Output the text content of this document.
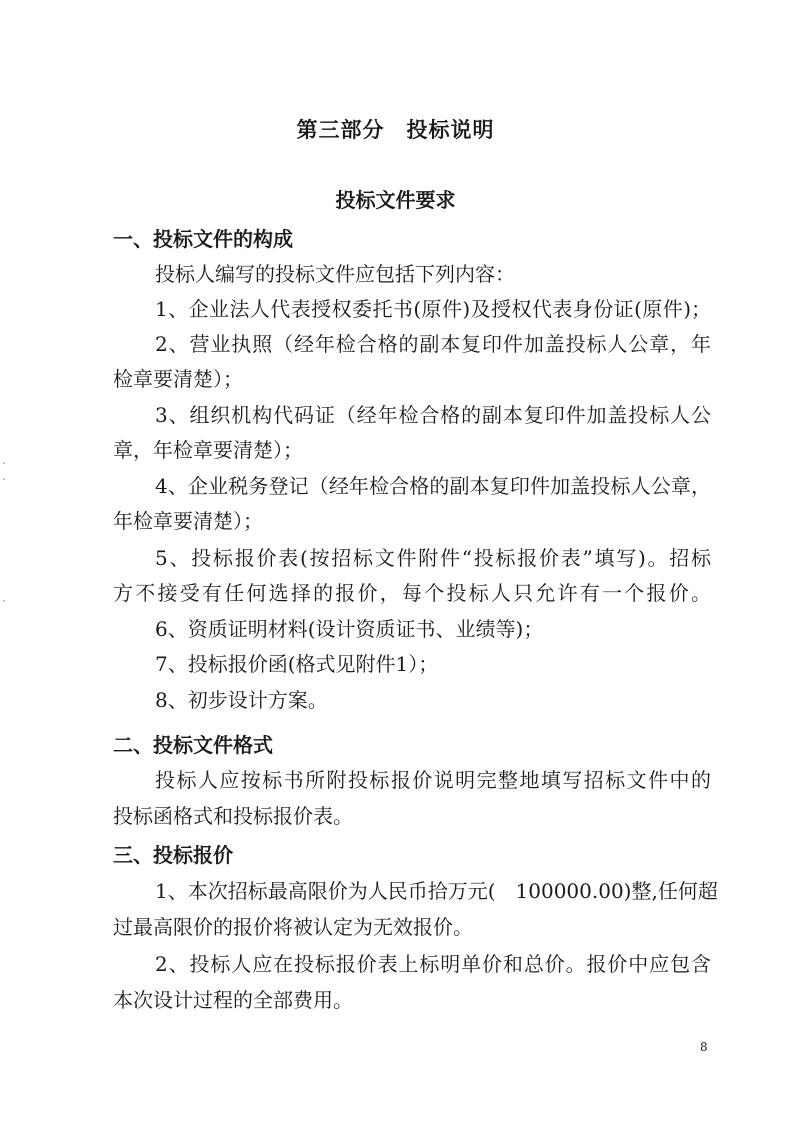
第三部分　投标说明
投标文件要求
一、投标文件的构成
投标人编写的投标文件应包括下列内容：
1、企业法人代表授权委托书(原件)及授权代表身份证(原件)；
2、营业执照（经年检合格的副本复印件加盖投标人公章，年
检章要清楚）；
3、组织机构代码证（经年检合格的副本复印件加盖投标人公
章，年检章要清楚）；
4、企业税务登记（经年检合格的副本复印件加盖投标人公章，
年检章要清楚）；
5、投标报价表(按招标文件附件“投标报价表”填写)。招标
方不接受有任何选择的报价，每个投标人只允许有一个报价。
6、资质证明材料(设计资质证书、业绩等)；
7、投标报价函(格式见附件1）；
8、初步设计方案。
二、投标文件格式
投标人应按标书所附投标报价说明完整地填写招标文件中的
投标函格式和投标报价表。
三、投标报价
1、本次招标最高限价为人民币拾万元(　100000.00)整,任何超
过最高限价的报价将被认定为无效报价。
2、投标人应在投标报价表上标明单价和总价。报价中应包含
本次设计过程的全部费用。
8
